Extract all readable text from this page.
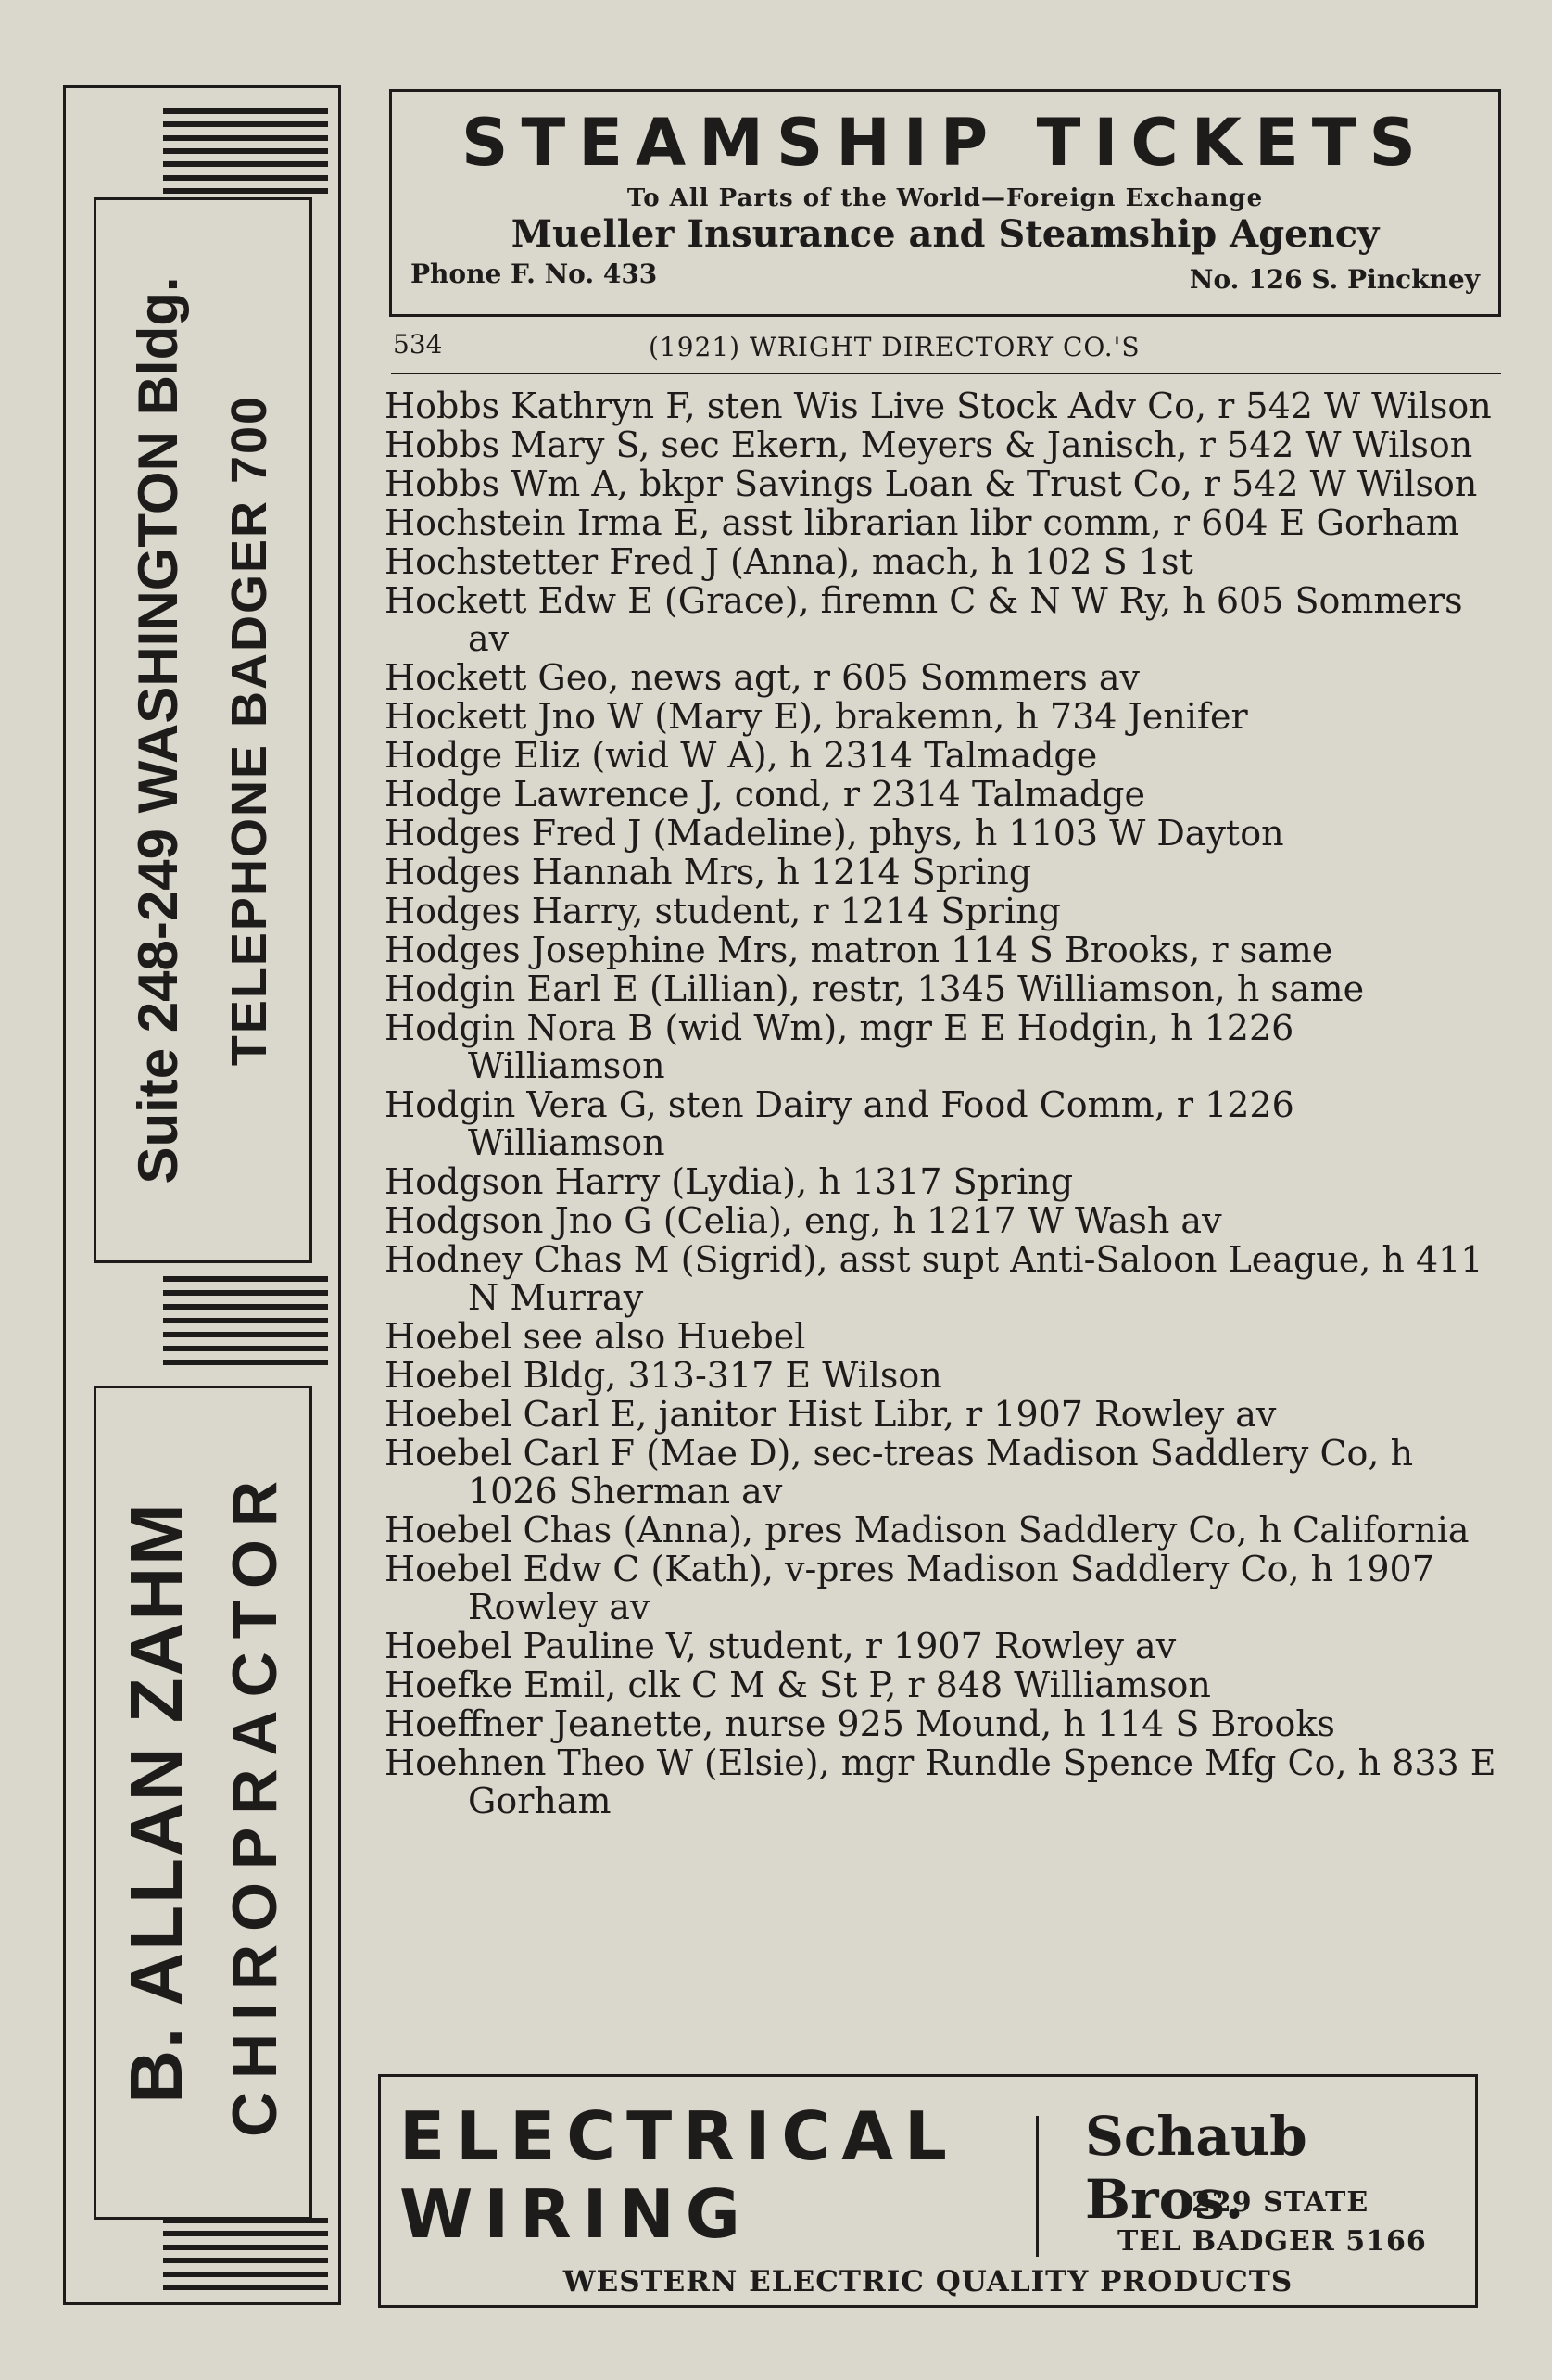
Suite 248-249 WASHINGTON Bldg. TELEPHONE BADGER 700
B. ALLAN ZAHM CHIROPRACTOR
STEAMSHIP TICKETS
To All Parts of the World—Foreign Exchange
Mueller Insurance and Steamship Agency
Phone F. No. 433	No. 126 S. Pinckney
534	(1921) WRIGHT DIRECTORY CO.'S
Hobbs Kathryn F, sten Wis Live Stock Adv Co, r 542 W Wilson
Hobbs Mary S, sec Ekern, Meyers & Janisch, r 542 W Wilson
Hobbs Wm A, bkpr Savings Loan & Trust Co, r 542 W Wilson
Hochstein Irma E, asst librarian libr comm, r 604 E Gorham
Hochstetter Fred J (Anna), mach, h 102 S 1st
Hockett Edw E (Grace), firemn C & N W Ry, h 605 Sommers av
Hockett Geo, news agt, r 605 Sommers av
Hockett Jno W (Mary E), brakemn, h 734 Jenifer
Hodge Eliz (wid W A), h 2314 Talmadge
Hodge Lawrence J, cond, r 2314 Talmadge
Hodges Fred J (Madeline), phys, h 1103 W Dayton
Hodges Hannah Mrs, h 1214 Spring
Hodges Harry, student, r 1214 Spring
Hodges Josephine Mrs, matron 114 S Brooks, r same
Hodgin Earl E (Lillian), restr, 1345 Williamson, h same
Hodgin Nora B (wid Wm), mgr E E Hodgin, h 1226 Williamson
Hodgin Vera G, sten Dairy and Food Comm, r 1226 Williamson
Hodgson Harry (Lydia), h 1317 Spring
Hodgson Jno G (Celia), eng, h 1217 W Wash av
Hodney Chas M (Sigrid), asst supt Anti-Saloon League, h 411 N Murray
Hoebel see also Huebel
Hoebel Bldg, 313-317 E Wilson
Hoebel Carl E, janitor Hist Libr, r 1907 Rowley av
Hoebel Carl F (Mae D), sec-treas Madison Saddlery Co, h 1026 Sherman av
Hoebel Chas (Anna), pres Madison Saddlery Co, h California
Hoebel Edw C (Kath), v-pres Madison Saddlery Co, h 1907 Rowley av
Hoebel Pauline V, student, r 1907 Rowley av
Hoefke Emil, clk C M & St P, r 848 Williamson
Hoeffner Jeanette, nurse 925 Mound, h 114 S Brooks
Hoehnen Theo W (Elsie), mgr Rundle Spence Mfg Co, h 833 E Gorham
ELECTRICAL
WIRING
Schaub Bros.
229 STATE
TEL BADGER 5166
WESTERN ELECTRIC QUALITY PRODUCTS
